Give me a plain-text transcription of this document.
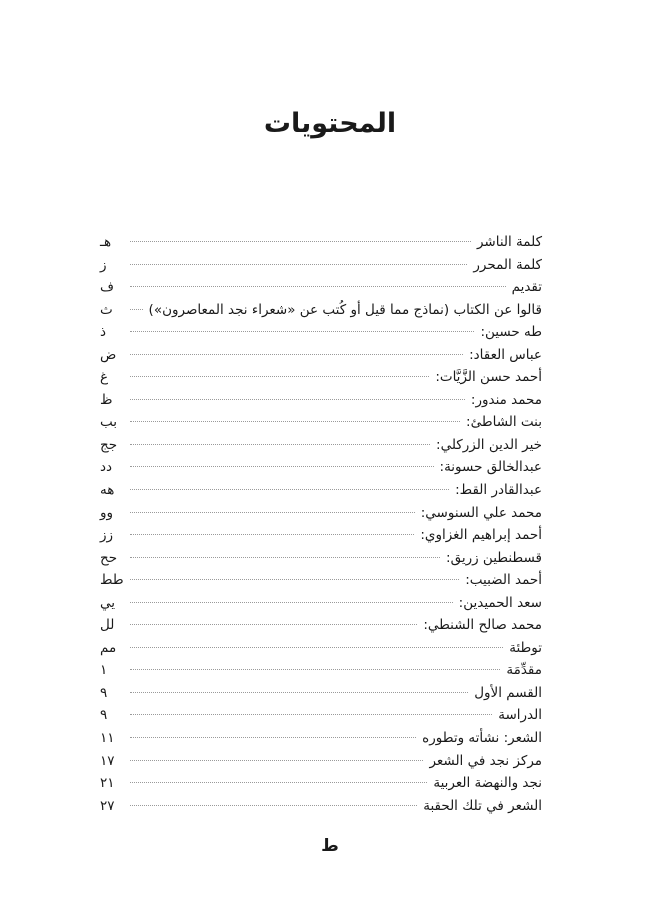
المحتويات
كلمة الناشر
هـ
كلمة المحرر
ز
تقديم
ف
قالوا عن الكتاب (نماذج مما قيل أو كُتب عن «شعراء نجد المعاصرون»)
ث
طه حسين:
ذ
عباس العقاد:
ض
أحمد حسن الزَّيَّات:
غ
محمد مندور:
ظ
بنت الشاطئ:
بب
خير الدين الزركلي:
جج
عبدالخالق حسونة:
دد
عبدالقادر القط:
هه
محمد علي السنوسي:
وو
أحمد إبراهيم الغزاوي:
زز
قسطنطين زريق:
حح
أحمد الضبيب:
طط
سعد الحميدين:
يي
محمد صالح الشنطي:
لل
توطئة
مم
مقدِّمَة
١
القسم الأول
٩
الدراسة
٩
الشعر: نشأته وتطوره
١١
مركز نجد في الشعر
١٧
نجد والنهضة العربية
٢١
الشعر في تلك الحقبة
٢٧
ط
